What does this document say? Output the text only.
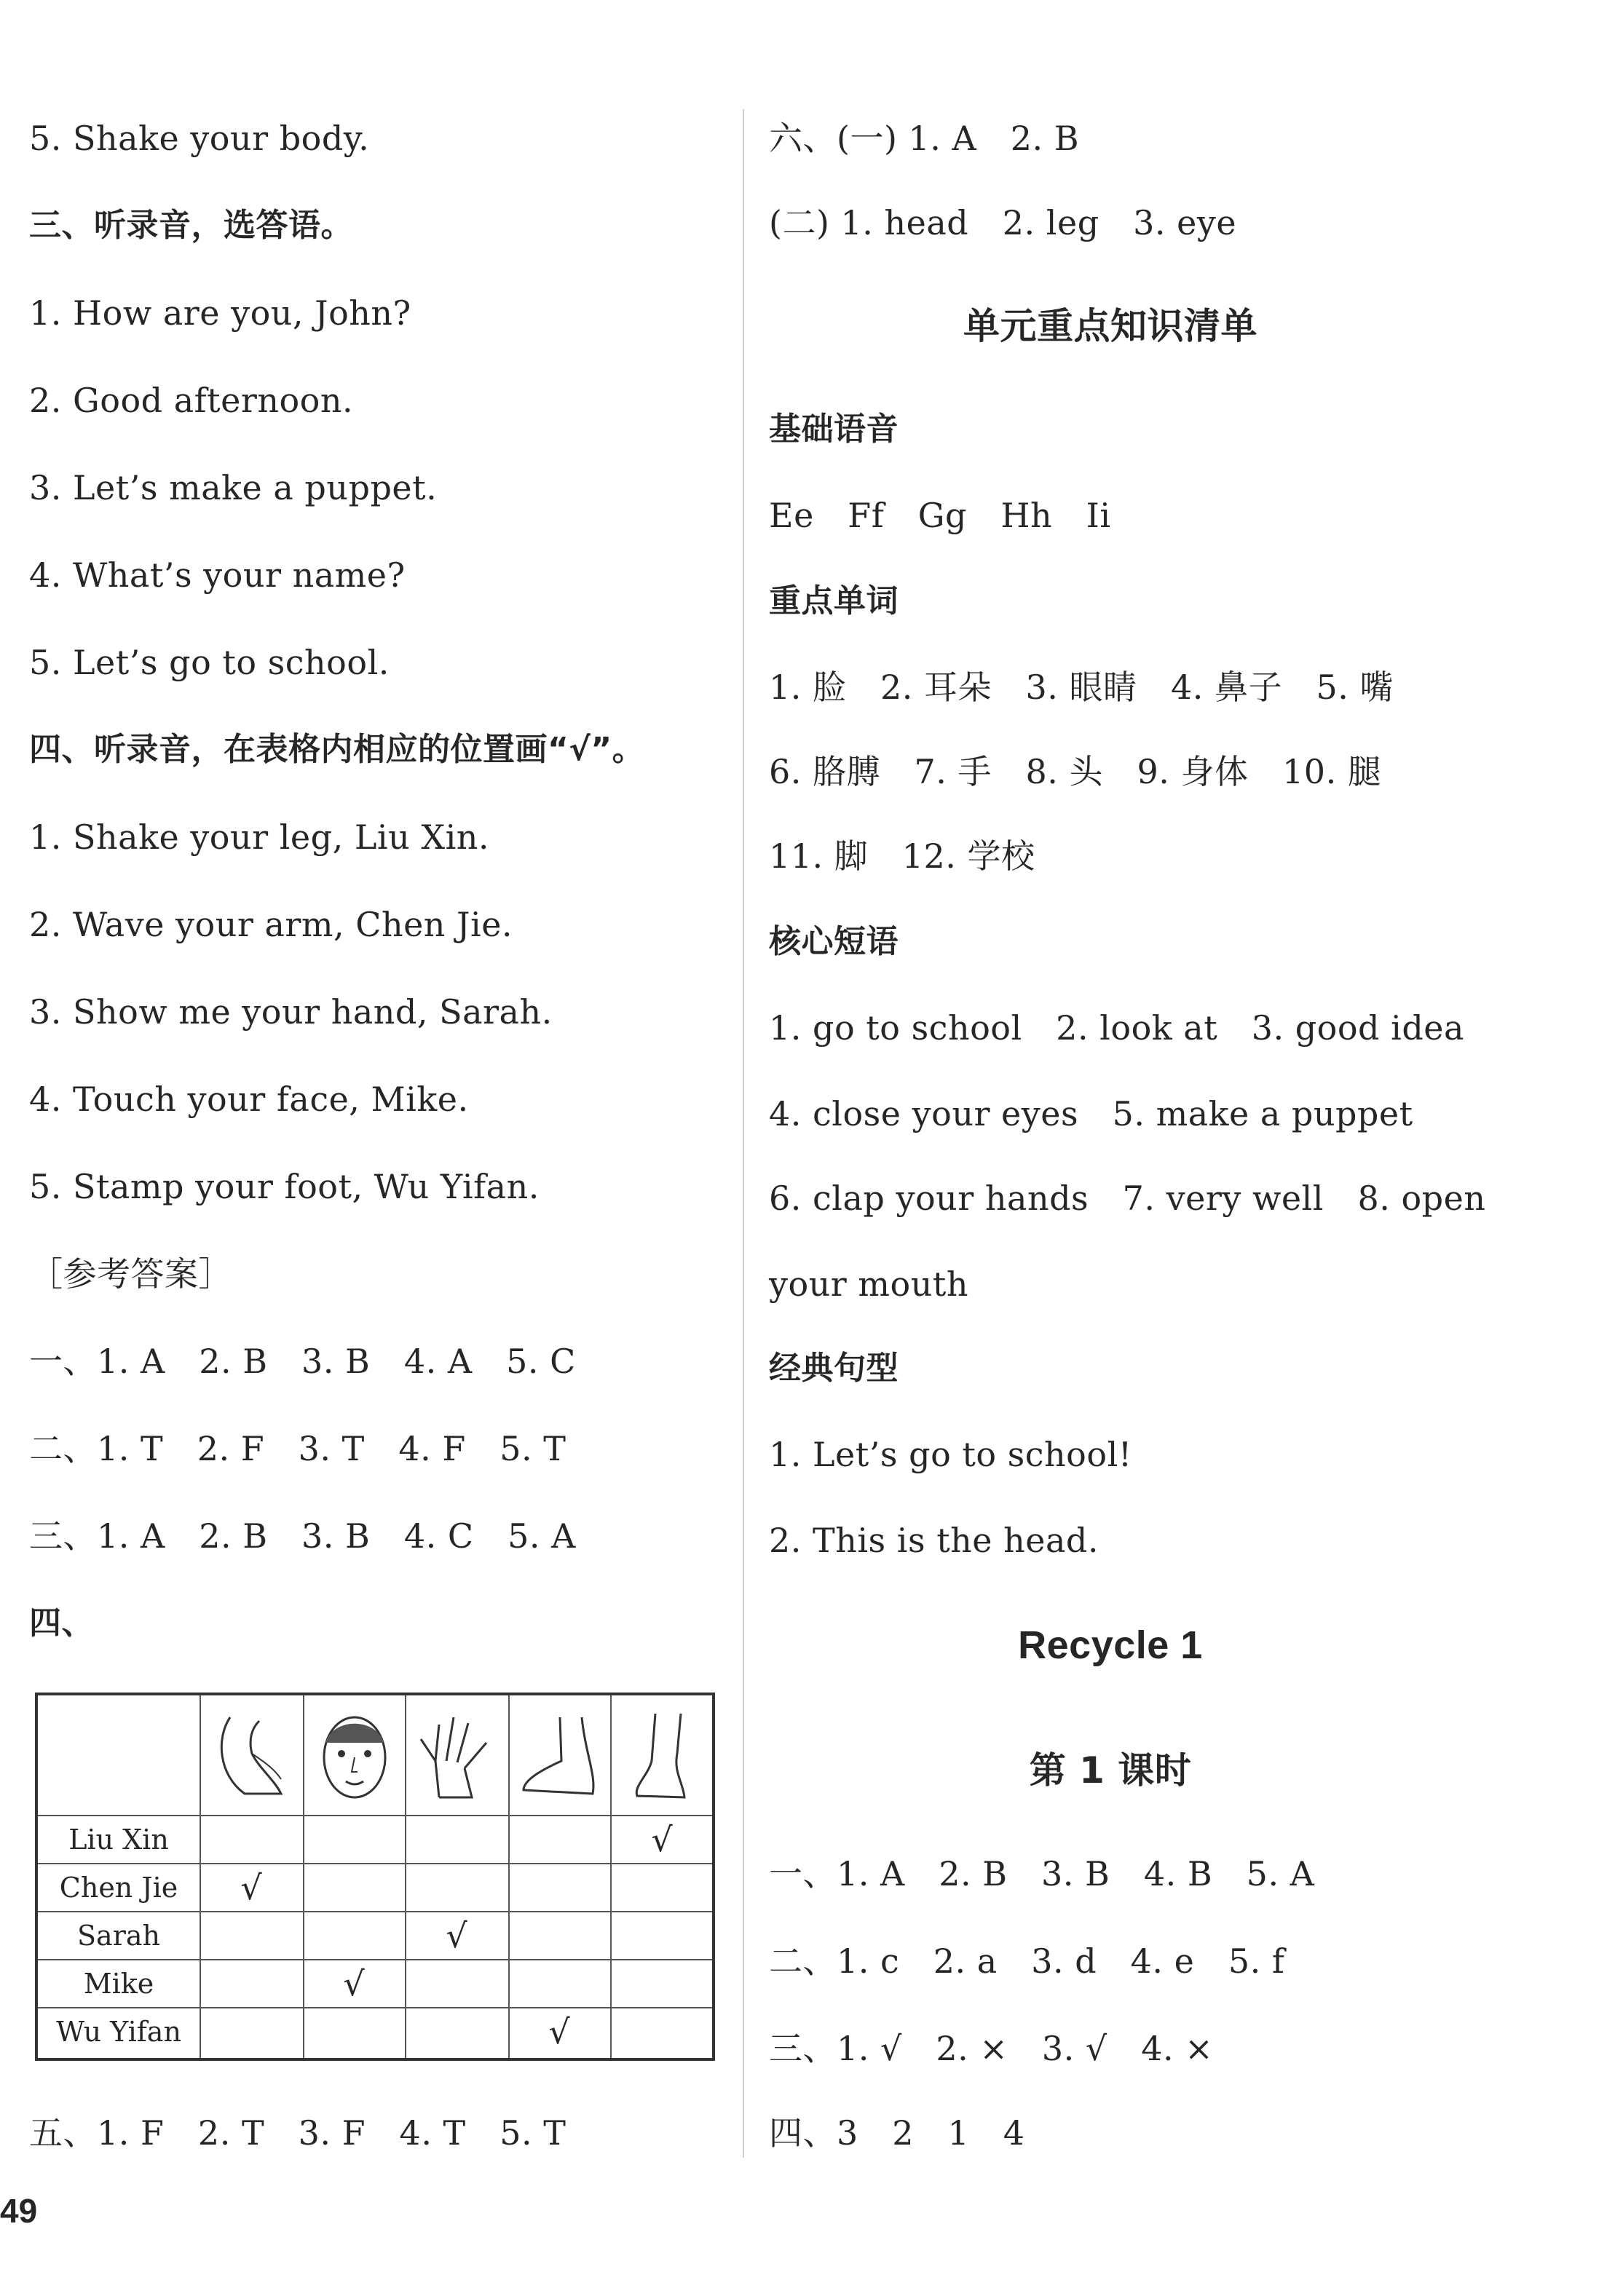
5. Shake your body.
三、听录音，选答语。
1. How are you, John?
2. Good afternoon.
3. Let’s make a puppet.
4. What’s your name?
5. Let’s go to school.
四、听录音，在表格内相应的位置画“√”。
1. Shake your leg, Liu Xin.
2. Wave your arm, Chen Jie.
3. Show me your hand, Sarah.
4. Touch your face, Mike.
5. Stamp your foot, Wu Yifan.
［参考答案］
一、1. A　2. B　3. B　4. A　5. C
二、1. T　2. F　3. T　4. F　5. T
三、1. A　2. B　3. B　4. C　5. A
四、
Liu Xin
Chen Jie
Sarah
Mike
Wu Yifan
√
√
√
√
√
五、1. F　2. T　3. F　4. T　5. T
六、(一) 1. A　2. B
(二) 1. head　2. leg　3. eye
单元重点知识清单
基础语音
Ee　Ff　Gg　Hh　Ii
重点单词
1. 脸　2. 耳朵　3. 眼睛　4. 鼻子　5. 嘴
6. 胳膊　7. 手　8. 头　9. 身体　10. 腿
11. 脚　12. 学校
核心短语
1. go to school　2. look at　3. good idea
4. close your eyes　5. make a puppet
6. clap your hands　7. very well　8. open
your mouth
经典句型
1. Let’s go to school!
2. This is the head.
Recycle 1
第 1 课时
一、1. A　2. B　3. B　4. B　5. A
二、1. c　2. a　3. d　4. e　5. f
三、1. √　2. ×　3. √　4. ×
四、3　2　1　4
49
